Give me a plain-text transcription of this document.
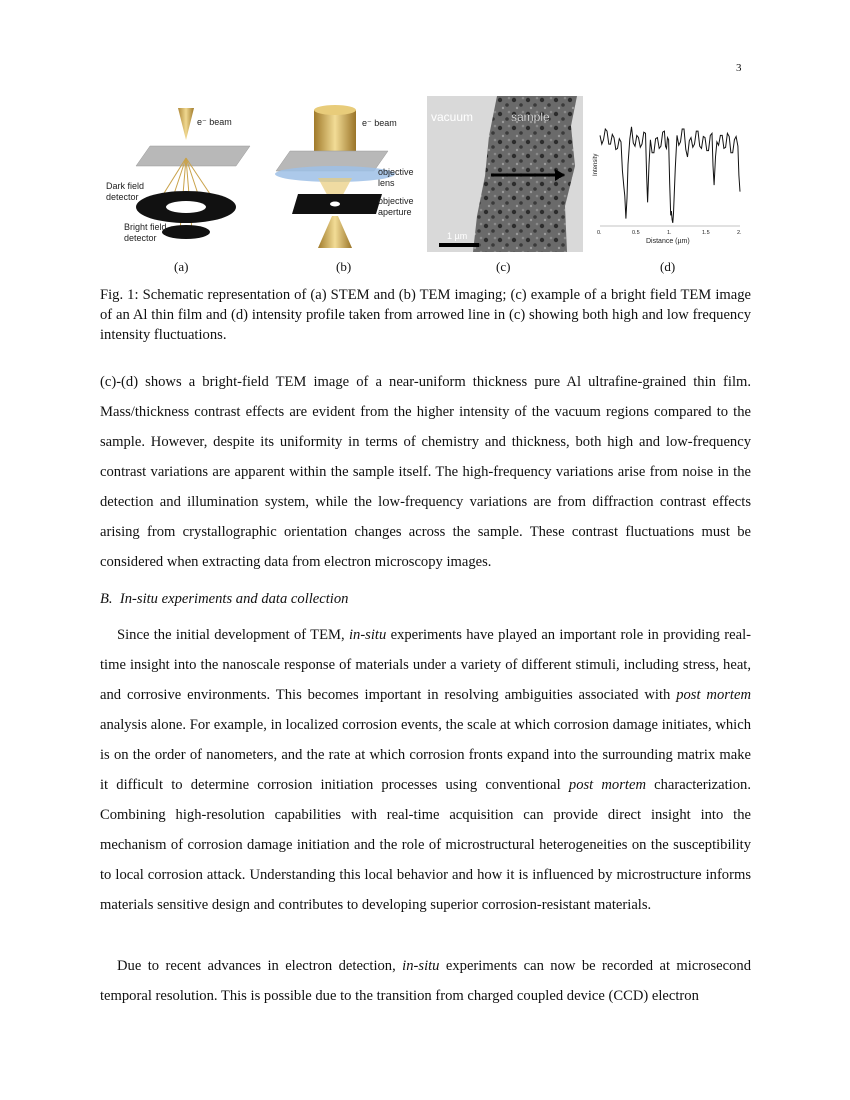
3
e⁻ beam
Dark field
detector
Bright field
detector
e⁻ beam
objective
lens
objective
aperture
vacuum	sample
1 µm	0.	0.5	1.	1.5	2.
Intensity
Distance (µm)
(a)	(b)	(c)	(d)
Fig. 1: Schematic representation of (a) STEM and (b) TEM imaging; (c) example of a bright field TEM image of an Al thin film and (d) intensity profile taken from arrowed line in (c) showing both high and low frequency intensity fluctuations.

(c)-(d) shows a bright-field TEM image of a near-uniform thickness pure Al ultrafine-grained thin film. Mass/thickness contrast effects are evident from the higher intensity of the vacuum regions compared to the sample. However, despite its uniformity in terms of chemistry and thickness, both high and low-frequency contrast variations are apparent within the sample itself. The high-frequency variations arise from noise in the detection and illumination system, while the low-frequency variations are from diffraction contrast effects arising from crystallographic orientation changes across the sample. These contrast fluctuations must be considered when extracting data from electron microscopy images.

B. In-situ experiments and data collection

Since the initial development of TEM, in-situ experiments have played an important role in providing real-time insight into the nanoscale response of materials under a variety of different stimuli, including stress, heat, and corrosive environments. This becomes important in resolving ambiguities associated with post mortem analysis alone. For example, in localized corrosion events, the scale at which corrosion damage initiates, which is on the order of nanometers, and the rate at which corrosion fronts expand into the surrounding matrix make it difficult to determine corrosion initiation processes using conventional post mortem characterization. Combining high-resolution capabilities with real-time acquisition can provide direct insight into the mechanism of corrosion damage initiation and the role of microstructural heterogeneities on the susceptibility to local corrosion attack. Understanding this local behavior and how it is influenced by microstructure informs materials sensitive design and contributes to developing superior corrosion-resistant materials.

Due to recent advances in electron detection, in-situ experiments can now be recorded at microsecond temporal resolution. This is possible due to the transition from charged coupled device (CCD) electron
